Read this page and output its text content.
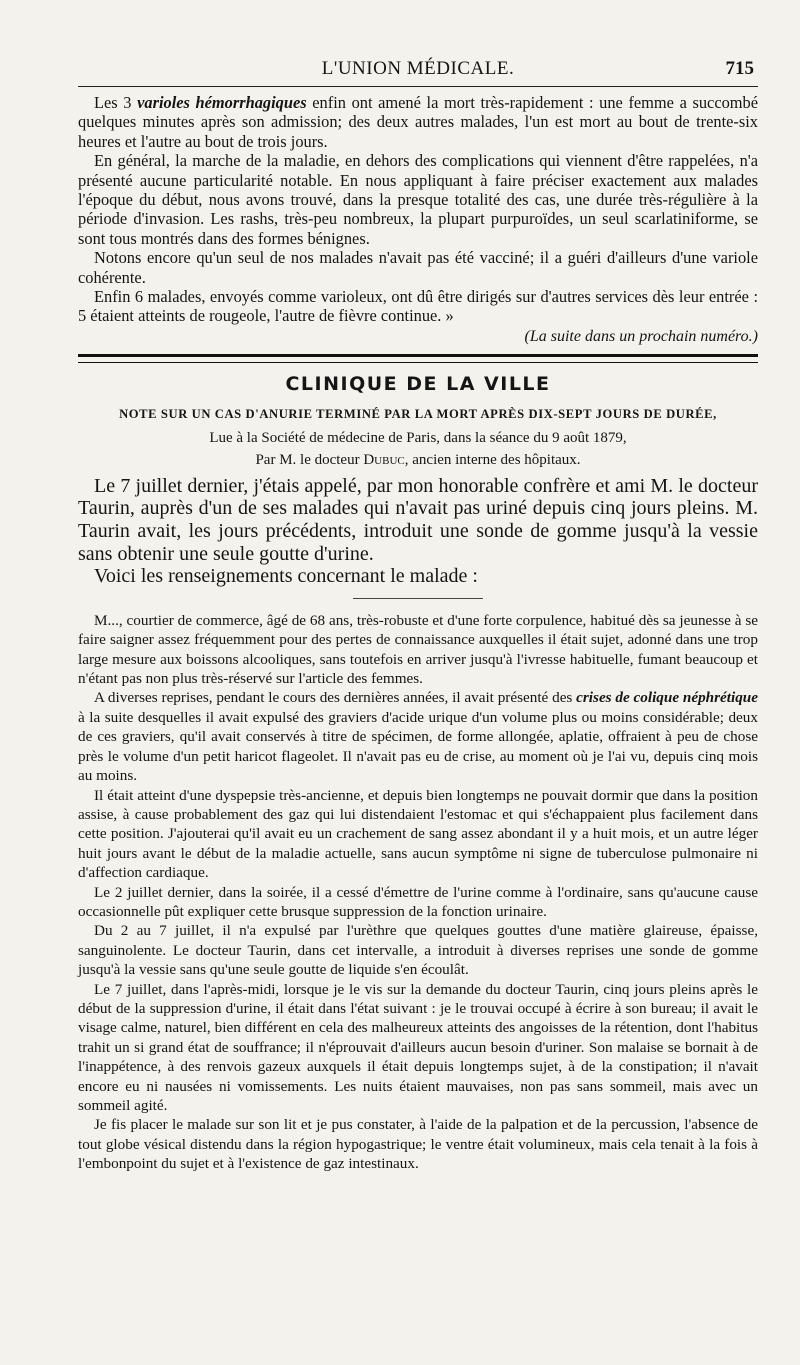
L'UNION MÉDICALE.	715

Les 3 varioles hémorrhagiques enfin ont amené la mort très-rapidement : une femme a succombé quelques minutes après son admission; des deux autres malades, l'un est mort au bout de trente-six heures et l'autre au bout de trois jours.

En général, la marche de la maladie, en dehors des complications qui viennent d'être rappelées, n'a présenté aucune particularité notable. En nous appliquant à faire préciser exactement aux malades l'époque du début, nous avons trouvé, dans la presque totalité des cas, une durée très-régulière à la période d'invasion. Les rashs, très-peu nombreux, la plupart purpuroïdes, un seul scarlatiniforme, se sont tous montrés dans des formes bénignes.

Notons encore qu'un seul de nos malades n'avait pas été vacciné; il a guéri d'ailleurs d'une variole cohérente.

Enfin 6 malades, envoyés comme varioleux, ont dû être dirigés sur d'autres services dès leur entrée : 5 étaient atteints de rougeole, l'autre de fièvre continue. »

(La suite dans un prochain numéro.)
CLINIQUE DE LA VILLE
NOTE SUR UN CAS D'ANURIE TERMINÉ PAR LA MORT APRÈS DIX-SEPT JOURS DE DURÉE,
Lue à la Société de médecine de Paris, dans la séance du 9 août 1879,
Par M. le docteur Dubuc, ancien interne des hôpitaux.

Le 7 juillet dernier, j'étais appelé, par mon honorable confrère et ami M. le docteur Taurin, auprès d'un de ses malades qui n'avait pas uriné depuis cinq jours pleins. M. Taurin avait, les jours précédents, introduit une sonde de gomme jusqu'à la vessie sans obtenir une seule goutte d'urine.

Voici les renseignements concernant le malade :

M..., courtier de commerce, âgé de 68 ans, très-robuste et d'une forte corpulence, habitué dès sa jeunesse à se faire saigner assez fréquemment pour des pertes de connaissance auxquelles il était sujet, adonné dans une trop large mesure aux boissons alcooliques, sans toutefois en arriver jusqu'à l'ivresse habituelle, fumant beaucoup et n'étant pas non plus très-réservé sur l'article des femmes.

A diverses reprises, pendant le cours des dernières années, il avait présenté des crises de colique néphrétique à la suite desquelles il avait expulsé des graviers d'acide urique d'un volume plus ou moins considérable; deux de ces graviers, qu'il avait conservés à titre de spécimen, de forme allongée, aplatie, offraient à peu de chose près le volume d'un petit haricot flageolet. Il n'avait pas eu de crise, au moment où je l'ai vu, depuis cinq mois au moins.

Il était atteint d'une dyspepsie très-ancienne, et depuis bien longtemps ne pouvait dormir que dans la position assise, à cause probablement des gaz qui lui distendaient l'estomac et qui s'échappaient plus facilement dans cette position. J'ajouterai qu'il avait eu un crachement de sang assez abondant il y a huit mois, et un autre léger huit jours avant le début de la maladie actuelle, sans aucun symptôme ni signe de tuberculose pulmonaire ni d'affection cardiaque.

Le 2 juillet dernier, dans la soirée, il a cessé d'émettre de l'urine comme à l'ordinaire, sans qu'aucune cause occasionnelle pût expliquer cette brusque suppression de la fonction urinaire.

Du 2 au 7 juillet, il n'a expulsé par l'urèthre que quelques gouttes d'une matière glaireuse, épaisse, sanguinolente. Le docteur Taurin, dans cet intervalle, a introduit à diverses reprises une sonde de gomme jusqu'à la vessie sans qu'une seule goutte de liquide s'en écoulât.

Le 7 juillet, dans l'après-midi, lorsque je le vis sur la demande du docteur Taurin, cinq jours pleins après le début de la suppression d'urine, il était dans l'état suivant : je le trouvai occupé à écrire à son bureau; il avait le visage calme, naturel, bien différent en cela des malheureux atteints des angoisses de la rétention, dont l'habitus trahit un si grand état de souffrance; il n'éprouvait d'ailleurs aucun besoin d'uriner. Son malaise se bornait à de l'inappétence, à des renvois gazeux auxquels il était depuis longtemps sujet, à de la constipation; il n'avait encore eu ni nausées ni vomissements. Les nuits étaient mauvaises, non pas sans sommeil, mais avec un sommeil agité.

Je fis placer le malade sur son lit et je pus constater, à l'aide de la palpation et de la percussion, l'absence de tout globe vésical distendu dans la région hypogastrique; le ventre était volumineux, mais cela tenait à la fois à l'embonpoint du sujet et à l'existence de gaz intestinaux.
